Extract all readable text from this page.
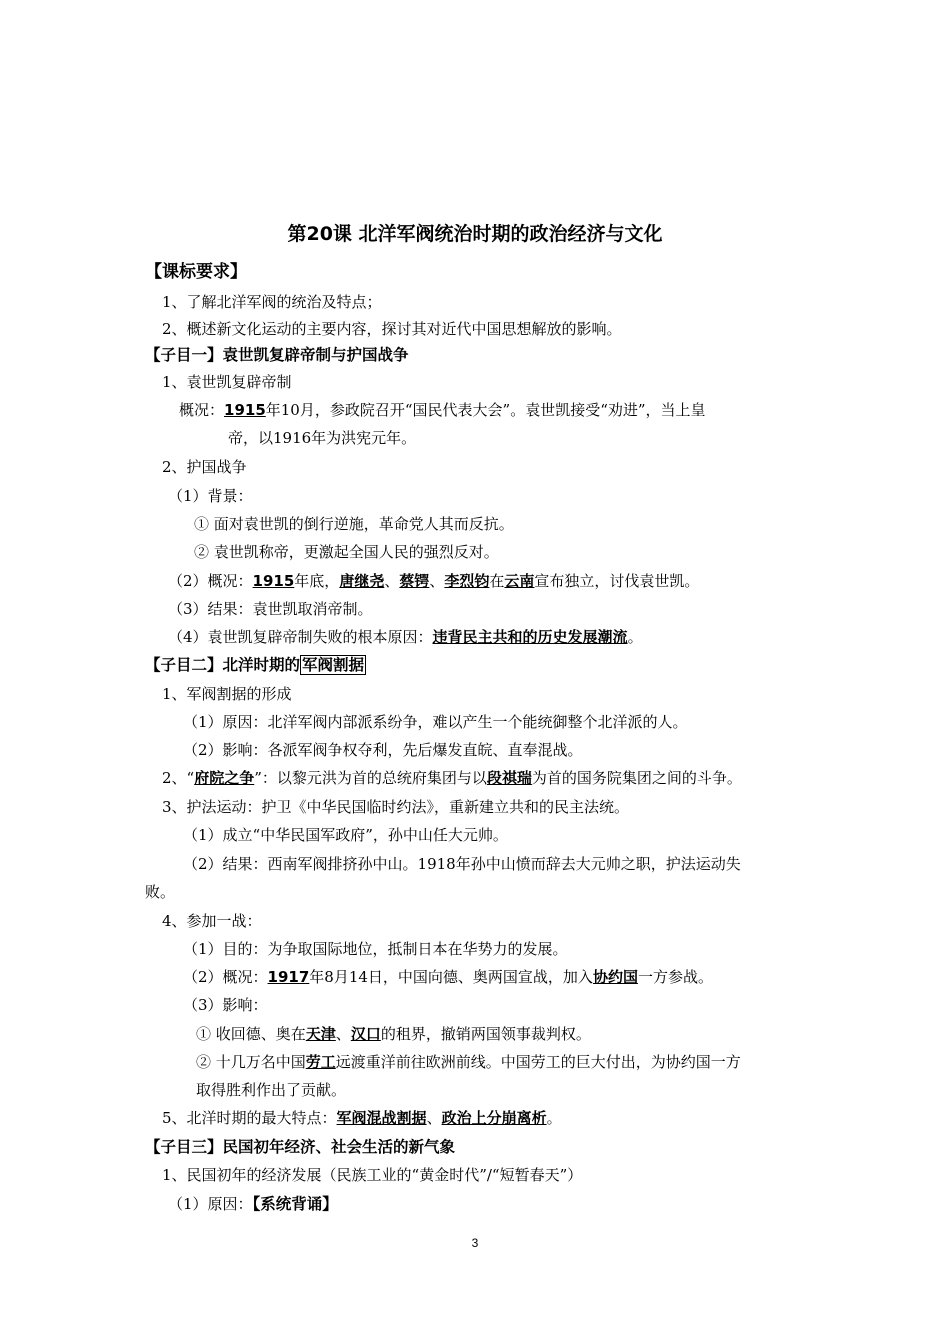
第20课 北洋军阀统治时期的政治经济与文化
【课标要求】
1、了解北洋军阀的统治及特点；
2、概述新文化运动的主要内容，探讨其对近代中国思想解放的影响。
【子目一】袁世凯复辟帝制与护国战争
1、袁世凯复辟帝制
概况：1915年10月，参政院召开“国民代表大会”。袁世凯接受“劝进”，当上皇
帝，以1916年为洪宪元年。
2、护国战争
（1）背景：
① 面对袁世凯的倒行逆施，革命党人其而反抗。
② 袁世凯称帝，更激起全国人民的强烈反对。
（2）概况：1915年底，唐继尧、蔡锷、李烈钧在云南宣布独立，讨伐袁世凯。
（3）结果：袁世凯取消帝制。
（4）袁世凯复辟帝制失败的根本原因：违背民主共和的历史发展潮流。
【子目二】北洋时期的 军阀割据
1、军阀割据的形成
（1）原因：北洋军阀内部派系纷争，难以产生一个能统御整个北洋派的人。
（2）影响：各派军阀争权夺利，先后爆发直皖、直奉混战。
2、“府院之争”：以黎元洪为首的总统府集团与以段祺瑞为首的国务院集团之间的斗争。
3、护法运动：护卫《中华民国临时约法》，重新建立共和的民主法统。
（1）成立“中华民国军政府”，孙中山任大元帅。
（2）结果：西南军阀排挤孙中山。1918年孙中山愤而辞去大元帅之职，护法运动失
败。
4、参加一战：
（1）目的：为争取国际地位，抵制日本在华势力的发展。
（2）概况：1917年8月14日，中国向德、奥两国宣战，加入协约国一方参战。
（3）影响：
① 收回德、奥在天津、汉口的租界，撤销两国领事裁判权。
② 十几万名中国劳工远渡重洋前往欧洲前线。中国劳工的巨大付出，为协约国一方
取得胜利作出了贡献。
5、北洋时期的最大特点：军阀混战割据、政治上分崩离析。
【子目三】民国初年经济、社会生活的新气象
1、民国初年的经济发展（民族工业的“黄金时代”/“短暂春天”）
（1）原因：【系统背诵】
3
